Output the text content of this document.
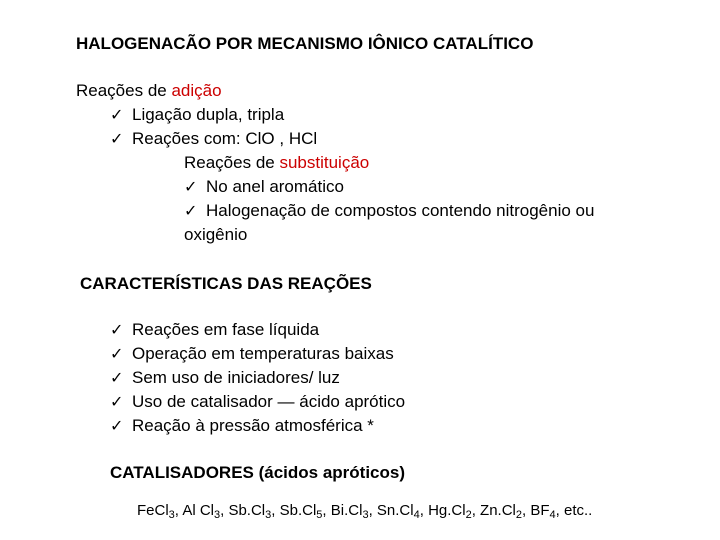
HALOGENACÃO POR MECANISMO IÔNICO CATALÍTICO
Reações de adição
✓ Ligação dupla, tripla
✓ Reações com: ClO , HCl
Reações de substituição
✓ No anel aromático
✓ Halogenação de compostos contendo nitrogênio ou
oxigênio
CARACTERÍSTICAS DAS REAÇÕES
✓ Reações em fase líquida
✓ Operação em temperaturas baixas
✓ Sem uso de iniciadores/ luz
✓ Uso de catalisador — ácido aprótico
✓ Reação à pressão atmosférica *
CATALISADORES (ácidos apróticos)
FeCl$_3$, Al $Cl_3$, $Sb.Cl_3$, $Sb.Cl_5$, $Bi.Cl_3$, $Sn.Cl_4$, $Hg.Cl_2$, $Zn.Cl_2$, $BF_4$, etc..
